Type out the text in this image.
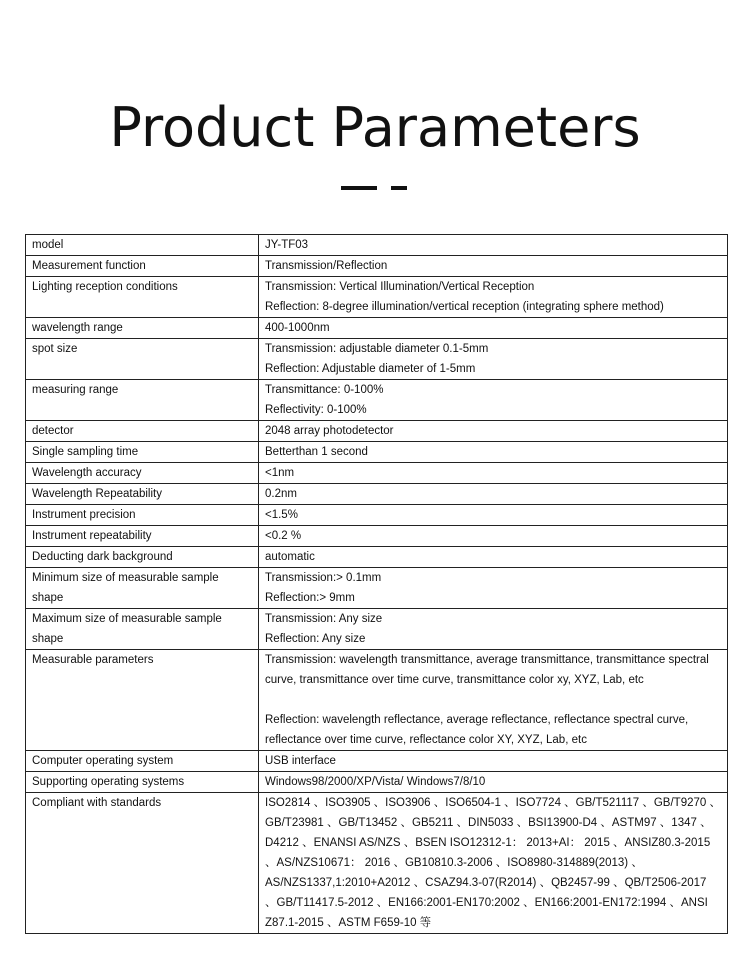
Product Parameters
model	JY-TF03

Measurement function	Transmission/Reflection

Lighting reception conditions	Transmission: Vertical Illumination/Vertical Reception
Reflection: 8-degree illumination/vertical reception (integrating sphere method)

wavelength range	400-1000nm

spot size	Transmission: adjustable diameter 0.1-5mm
Reflection: Adjustable diameter of 1-5mm

measuring range	Transmittance: 0-100%
Reflectivity: 0-100%

detector	2048 array photodetector

Single sampling time	Betterthan 1 second

Wavelength accuracy	<1nm

Wavelength Repeatability	0.2nm

Instrument precision	<1.5%

Instrument repeatability	<0.2 %

Deducting dark background	automatic

Minimum size of measurable sample shape	Transmission:> 0.1mm
Reflection:> 9mm

Maximum size of measurable sample shape	Transmission: Any size
Reflection: Any size

Measurable parameters	Transmission: wavelength transmittance, average transmittance, transmittance spectral curve, transmittance over time curve, transmittance color xy, XYZ, Lab, etc
Reflection: wavelength reflectance, average reflectance, reflectance spectral curve, reflectance over time curve, reflectance color XY, XYZ, Lab, etc

Computer operating system	USB interface

Supporting operating systems	Windows98/2000/XP/Vista/ Windows7/8/10

Compliant with standards	ISO2814 、ISO3905 、ISO3906 、ISO6504-1 、ISO7724 、GB/T521117 、GB/T9270 、GB/T23981 、GB/T13452 、GB5211 、DIN5033 、BSI13900-D4 、ASTM97 、1347 、D4212 、ENANSI AS/NZS 、BSEN ISO12312-1： 2013+AI： 2015 、ANSIZ80.3-2015 、AS/NZS10671： 2016 、GB10810.3-2006 、ISO8980-314889(2013) 、AS/NZS1337,1:2010+A2012 、CSAZ94.3-07(R2014) 、QB2457-99 、QB/T2506-2017 、GB/T11417.5-2012 、EN166:2001-EN170:2002 、EN166:2001-EN172:1994 、ANSI Z87.1-2015 、ASTM F659-10 等
